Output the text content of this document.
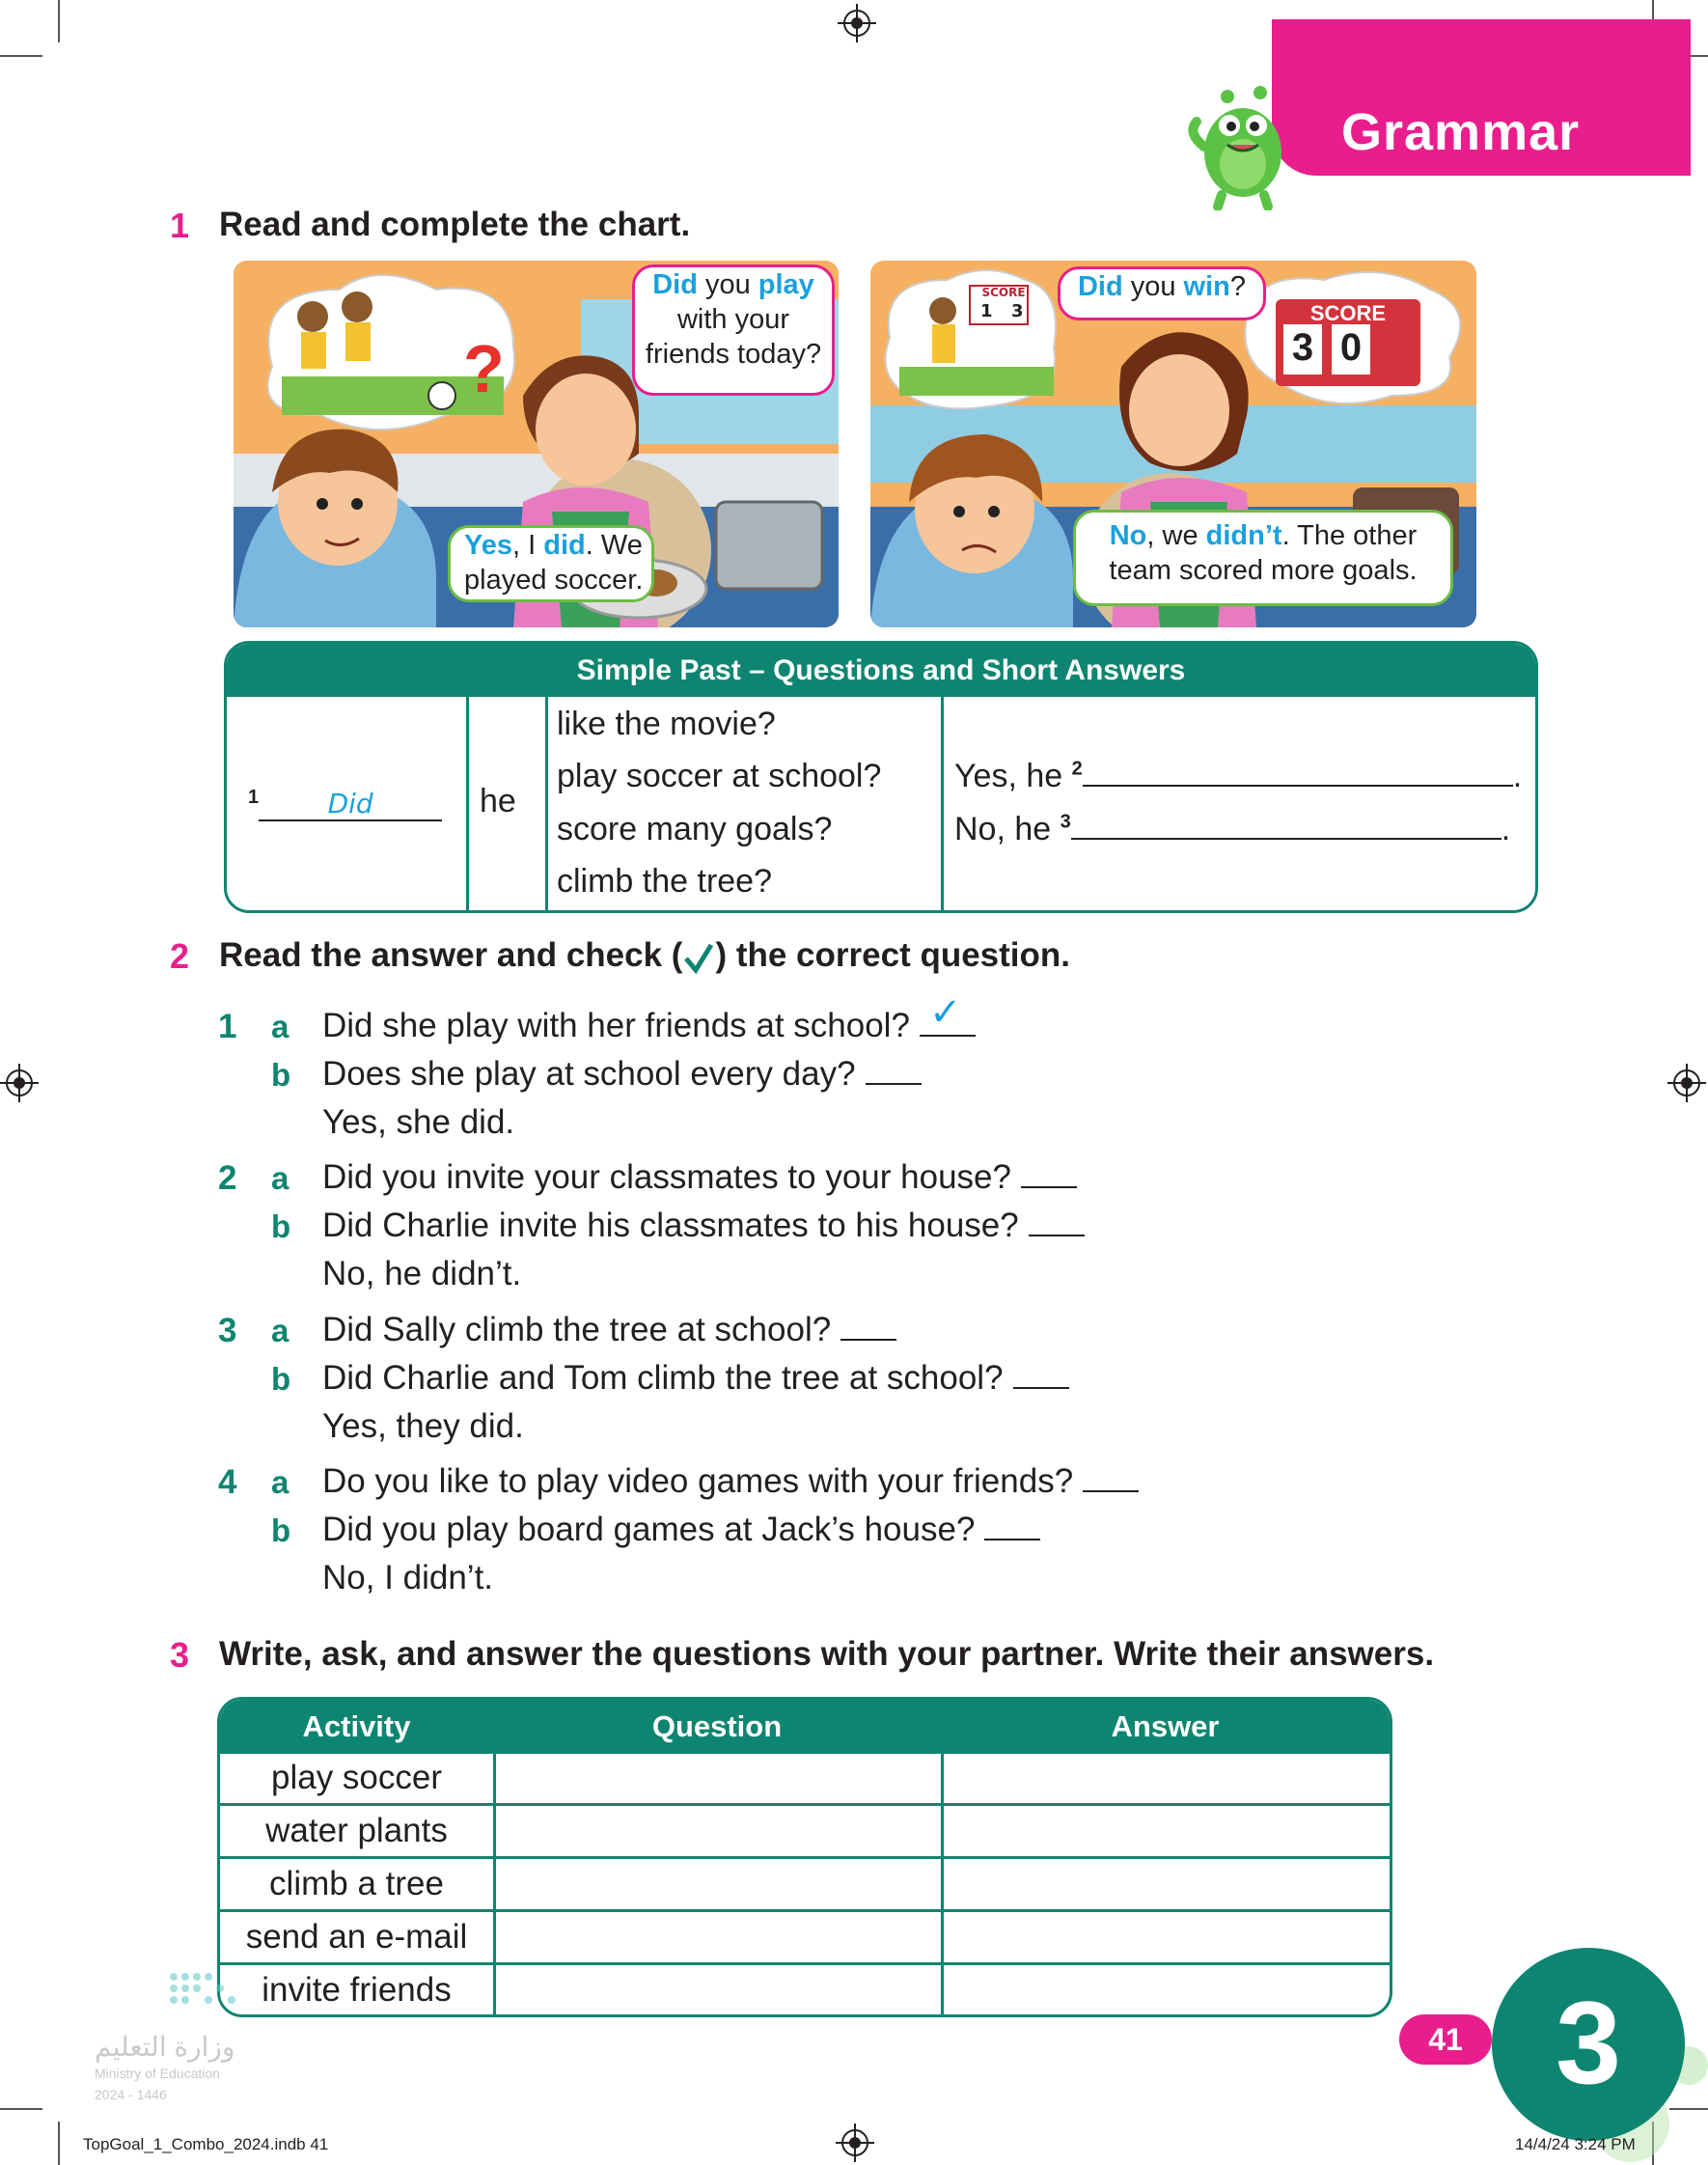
Grammar
1 Read and complete the chart.
?
Did you play with your friends today?
Yes, I did. We played soccer.
SCORE
1 3	SCORE
3 0
Did you win?
No, we didn’t. The other team scored more goals.
Simple Past – Questions and Short Answers
$^1$	Did	he
like the movie?
play soccer at school?
score many goals?
climb the tree?
Yes, he $^2$	.
No, he $^3$	.
2 Read the answer and check ( ) the correct question.
1 a Did she play with her friends at school? ✓
b Does she play at school every day?
Yes, she did.
2 a Did you invite your classmates to your house?
b Did Charlie invite his classmates to his house?
No, he didn’t.
3 a Did Sally climb the tree at school?
b Did Charlie and Tom climb the tree at school?
Yes, they did.
4 a Do you like to play video games with your friends?
b Did you play board games at Jack’s house?
No, I didn’t.
3 Write, ask, and answer the questions with your partner. Write their answers.
Activity	Question	Answer
play soccer
water plants
climb a tree
send an e-mail
invite friends
وزارة التعليم
Ministry of Education
2024 - 1446	3
41
TopGoal_1_Combo_2024.indb 41	14/4/24 3:24 PM
